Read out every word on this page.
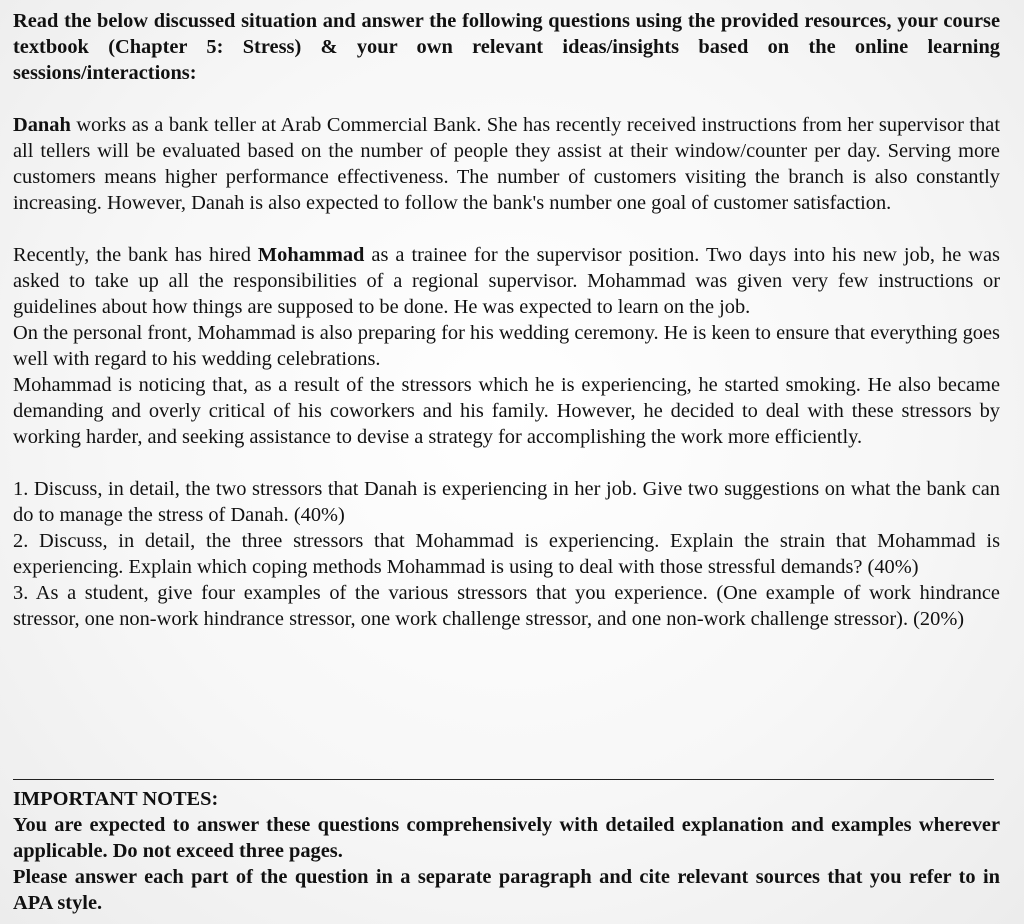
Read the below discussed situation and answer the following questions using the provided resources, your course textbook (Chapter 5: Stress) & your own relevant ideas/insights based on the online learning sessions/interactions:

Danah works as a bank teller at Arab Commercial Bank. She has recently received instructions from her supervisor that all tellers will be evaluated based on the number of people they assist at their window/counter per day. Serving more customers means higher performance effectiveness. The number of customers visiting the branch is also constantly increasing. However, Danah is also expected to follow the bank's number one goal of customer satisfaction.

Recently, the bank has hired Mohammad as a trainee for the supervisor position. Two days into his new job, he was asked to take up all the responsibilities of a regional supervisor. Mohammad was given very few instructions or guidelines about how things are supposed to be done. He was expected to learn on the job.

On the personal front, Mohammad is also preparing for his wedding ceremony. He is keen to ensure that everything goes well with regard to his wedding celebrations.

Mohammad is noticing that, as a result of the stressors which he is experiencing, he started smoking. He also became demanding and overly critical of his coworkers and his family. However, he decided to deal with these stressors by working harder, and seeking assistance to devise a strategy for accomplishing the work more efficiently.

1. Discuss, in detail, the two stressors that Danah is experiencing in her job. Give two suggestions on what the bank can do to manage the stress of Danah. (40%)

2. Discuss, in detail, the three stressors that Mohammad is experiencing. Explain the strain that Mohammad is experiencing. Explain which coping methods Mohammad is using to deal with those stressful demands? (40%)

3. As a student, give four examples of the various stressors that you experience. (One example of work hindrance stressor, one non-work hindrance stressor, one work challenge stressor, and one non-work challenge stressor). (20%)

IMPORTANT NOTES:

You are expected to answer these questions comprehensively with detailed explanation and examples wherever applicable. Do not exceed three pages.

Please answer each part of the question in a separate paragraph and cite relevant sources that you refer to in APA style.
